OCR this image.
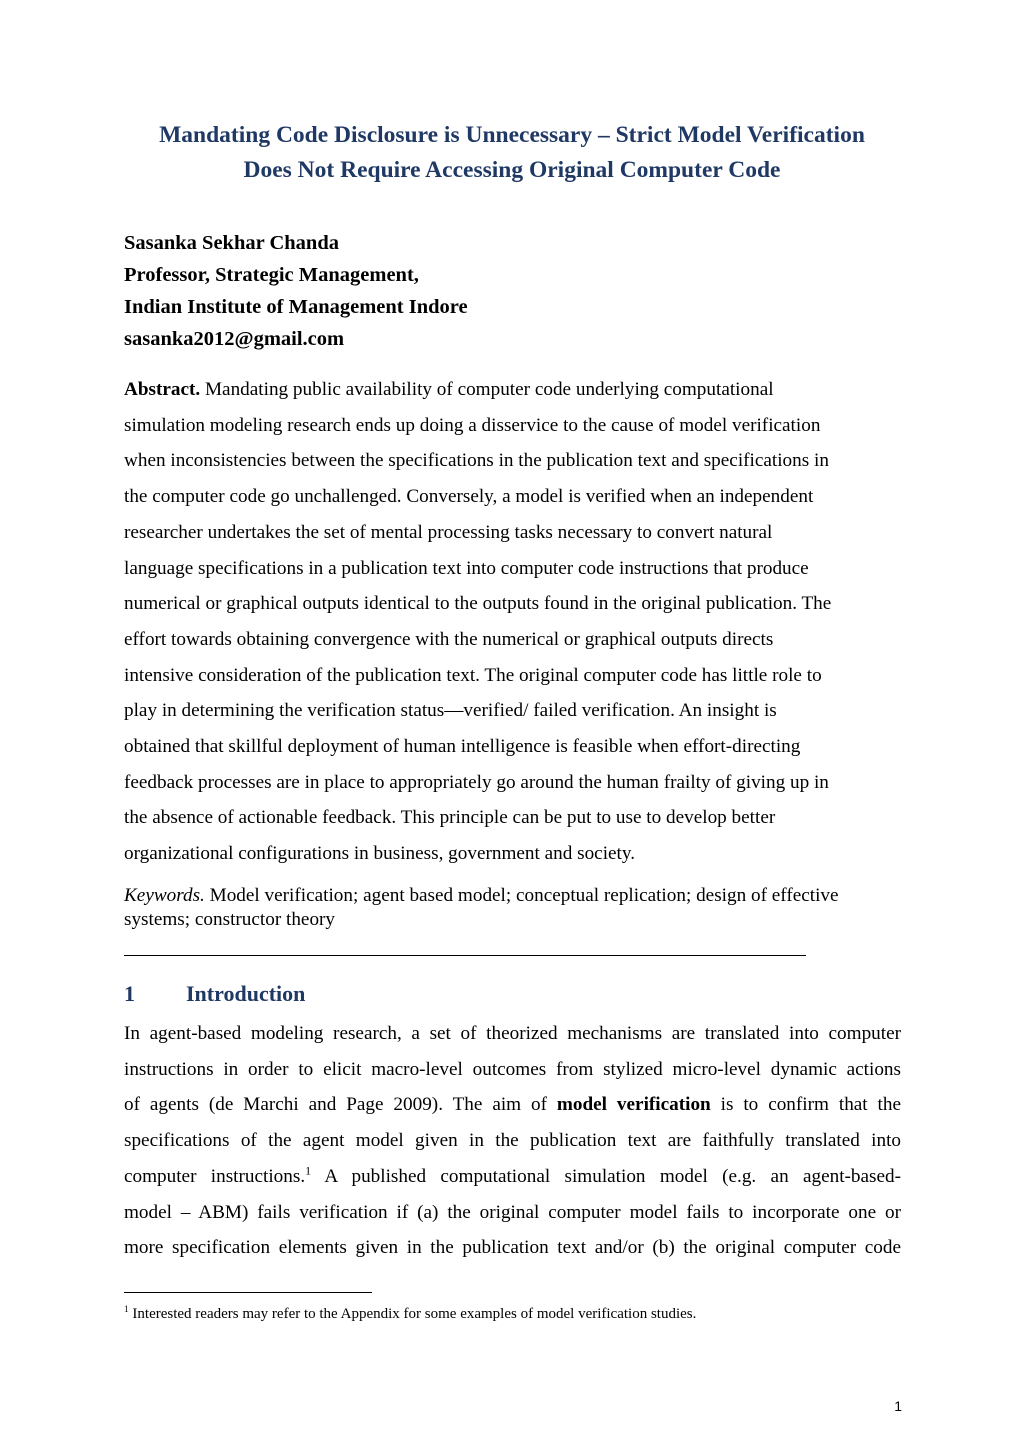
Mandating Code Disclosure is Unnecessary – Strict Model Verification
Does Not Require Accessing Original Computer Code
Sasanka Sekhar Chanda
Professor, Strategic Management,
Indian Institute of Management Indore
sasanka2012@gmail.com
Abstract. Mandating public availability of computer code underlying computational
simulation modeling research ends up doing a disservice to the cause of model verification
when inconsistencies between the specifications in the publication text and specifications in
the computer code go unchallenged. Conversely, a model is verified when an independent
researcher undertakes the set of mental processing tasks necessary to convert natural
language specifications in a publication text into computer code instructions that produce
numerical or graphical outputs identical to the outputs found in the original publication. The
effort towards obtaining convergence with the numerical or graphical outputs directs
intensive consideration of the publication text. The original computer code has little role to
play in determining the verification status—verified/ failed verification. An insight is
obtained that skillful deployment of human intelligence is feasible when effort-directing
feedback processes are in place to appropriately go around the human frailty of giving up in
the absence of actionable feedback. This principle can be put to use to develop better
organizational configurations in business, government and society.
Keywords. Model verification; agent based model; conceptual replication; design of effective
systems; constructor theory
1 Introduction
In agent-based modeling research, a set of theorized mechanisms are translated into computer
instructions in order to elicit macro-level outcomes from stylized micro-level dynamic actions
of agents (de Marchi and Page 2009). The aim of model verification is to confirm that the
specifications of the agent model given in the publication text are faithfully translated into
computer instructions.$^1$ A published computational simulation model (e.g. an agent-based-
model – ABM) fails verification if (a) the original computer model fails to incorporate one or
more specification elements given in the publication text and/or (b) the original computer code
$^1$ Interested readers may refer to the Appendix for some examples of model verification studies.
1
